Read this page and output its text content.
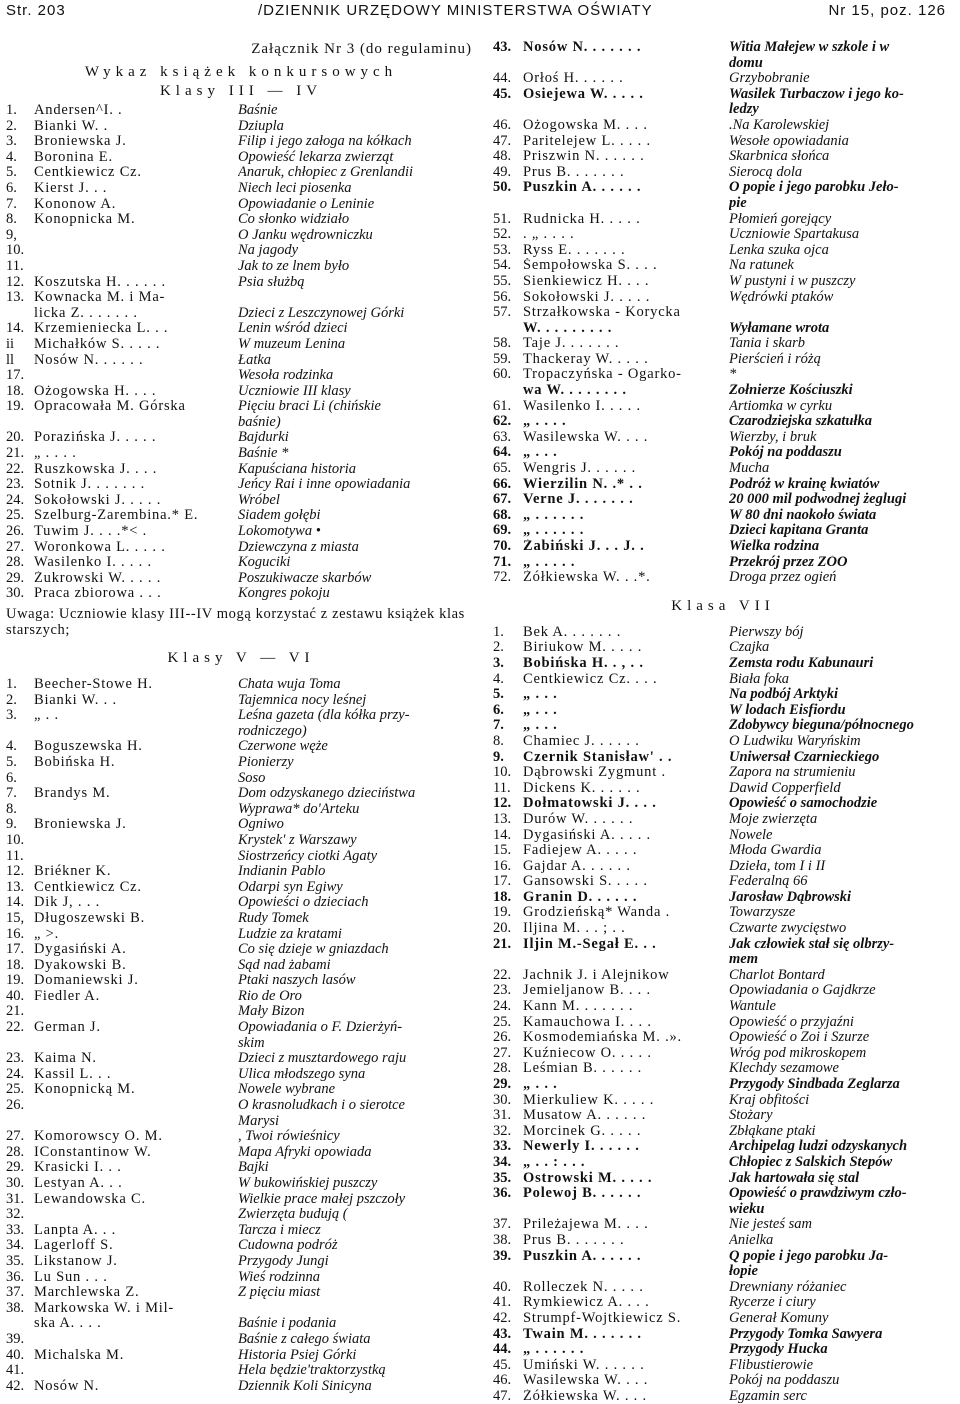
Str. 203	/DZIENNIK URZĘDOWY MINISTERSTWA OŚWIATY	Nr 15, poz. 126
Załącznik Nr 3 (do regulaminu)
Wykaz książek konkursowych
Klasy III — IV
1.	Andersen^I. .	Baśnie
2.	Bianki W. .	Dziupla
3.	Broniewska J.	Filip i jego załoga na kółkach
4.	Boronina E.	Opowieść lekarza zwierząt
5.	Centkiewicz Cz.	Anaruk, chłopiec z Grenlandii
6.	Kierst J. . .	Niech leci piosenka
7.	Kononow A.	Opowiadanie o Leninie
8.	Konopnicka M.	Co słonko widziało
9,	O Janku wędrowniczku
10.	Na jagody
11.	Jak to ze lnem było
12. Koszutska H. . . . . .	Psia służbą
13. Kownacka M. i Ma-
licka Z. . . . . . .	Dzieci z Leszczynowej Górki
14. Krzemieniecka L. . .	Lenin wśród dzieci
ii	Michałków S. . . . .	W muzeum Lenina
ll	Nosów N. . . . . .	Łatka
17.	Wesoła rodzinka
18. Ożogowska H. . . .	Uczniowie III klasy
19. Opracowała M. Górska	Pięciu braci Li (chińskie
baśnie)
20. Porazińska J. . . . .	Bajdurki
21. „ . . . .	Baśnie *
22. Ruszkowska J. . . .	Kapuściana historia
23. Sotnik J. . . . . . .	Jeńcy Rai i inne opowiadania
24. Sokołowski J. . . . .	Wróbel
25. Szelburg-Zarembina.* E.	Siadem gołębi
26. Tuwim J. . . .*< .	Lokomotywa •
27. Woronkowa L. . . . .	Dziewczyna z miasta
28. Wasilenko I. . . . .	Koguciki
29. Żukrowski W. . . . .	Poszukiwacze skarbów
30. Praca zbiorowa . . .	Kongres pokoju
Uwaga: Uczniowie klasy III--IV mogą korzystać z zestawu książek klas starszych;
Klasy V — VI
1.	Beecher-Stowe H.	Chata wuja Toma
2.	Bianki W. . .	Tajemnica nocy leśnej
3.	„ . .	Leśna gazeta (dla kółka przy-
rodniczego)
4.	Boguszewska H.	Czerwone węże
5.	Bobińska H.	Pionierzy
6.	Soso
7.	Brandys M.	Dom odzyskanego dzieciństwa
8.	Wyprawa* do'Arteku
9.	Broniewska J.	Ogniwo
10.	Krystek' z Warszawy
11.	Siostrzeńcy ciotki Agaty
12. Briékner K.	Indianin Pablo
13. Centkiewicz Cz.	Odarpi syn Egiwy
14. Dik J, . . .	Opowieści o dzieciach
15, Długoszewski B.	Rudy Tomek
16. „ >.	Ludzie za kratami
17. Dygasiński A.	Co się dzieje w gniazdach
18. Dyakowski B.	Sąd nad żabami
19. Domaniewski J.	Ptaki naszych lasów
40. Fiedler A.	Rio de Oro
21.	Mały Bizon
22. German J.	Opowiadania o F. Dzierżyń-
skim
23. Kaima N.	Dzieci z musztardowego raju
24. Kassil L. . .	Ulica młodszego syna
25. Konopnicką M.	Nowele wybrane
26.	O krasnoludkach i o sierotce
Marysi
27. Komorowscy O. M.	, Twoi rówieśnicy
28. IConstantinow W.	Mapa Afryki opowiada
29. Krasicki I. . .	Bajki
30. Lestyan A. . .	W bukowińskiej puszczy
31. Lewandowska C.	Wielkie prace małej pszczoły
32.	Zwierzęta budują (
33. Lanpta A. . .	Tarcza i miecz
34. Lagerloff S.	Cudowna podróż
35. Likstanow J.	Przygody Jungi
36. Lu Sun . . .	Wieś rodzinna
37. Marchlewska Z.	Z pięciu miast
38. Markowska W. i Mil-
ska A. . . .	Baśnie i podania
39.	Baśnie z całego świata
40. Michalska M.	Historia Psiej Górki
41.	Hela będzie'traktorzystką
42. Nosów N.	Dziennik Koli Sinicyna
43. Nosów N. . . . . . .	Witia Małejew w szkole i w
domu
44. Orłoś H. . . . . .	Grzybobranie
45. Osiejewa W. . . . .	Wasilek Turbaczow i jego ko-
ledzy
46. Ożogowska M. . . .	.Na Karolewskiej
47. Paritelejew L. . . . .	Wesołe opowiadania
48. Priszwin N. . . . . .	Skarbnica słońca
49. Prus B. . . . . . .	Sierocą dola
50. Puszkin A. . . . . .	O popie i jego parobku Jeło-
pie
51. Rudnicka H. . . . .	Płomień gorejący
52. . „ . . . .	Uczniowie Spartakusa
53. Ryss E. . . . . . .	Lenka szuka ojca
54. Šempołowska S. . . .	Na ratunek
55. Sienkiewicz H. . . .	W pustyni i w puszczy
56. Sokołowski J. . . . .	Wędrówki ptaków
57. Strzałkowska - Korycka
W. . . . . . . . .	Wyłamane wrota
58. Taje J. . . . . . .	Tania i skarb
59. Thackeray W. . . . .	Pierścień i różą
60. Tropaczyńska - Ogarko-	*
wa W. . . . . . . .	Żołnierze Kościuszki
61. Wasilenko I. . . . .	Artiomka w cyrku
62. „ . . . .	Czarodziejska szkatułka
63. Wasilewska W. . . .	Wierzby, i bruk
64. „ . . .	Pokój na poddaszu
65. Wengris J. . . . . .	Mucha
66. Wierzilin N. .* . .	Podróż w krainę kwiatów
67. Verne J. . . . . . .	20 000 mil podwodnej żeglugi
68. „ . . . . . .	W 80 dni naokoło świata
69. „ . . . . . .	Dzieci kapitana Granta
70. Żabiński J. . . J. .	Wielka rodzina
71. „ . . . . .	Przekrój przez ZÓO
72. Żółkiewska W. . .*.	Droga przez ogień
Klasa VII
1.	Bek A. . . . . . .	Pierwszy bój
2.	Biriukow M. . . . .	Czajka
3.	Bobińska H. . , . .	Zemsta rodu Kabunauri
4.	Centkiewicz Cz. . . .	Biała foka
5.	„ . . .	Na podbój Arktyki
6.	„ . . .	W lodach Eisfiordu
7.	„ . . .	Zdobywcy bieguna/północnego
8.	Chamiec J. . . . . .	O Ludwiku Waryńskim
9.	Czernik Stanisław' . .	Uniwersał Czarnieckiego
10. Dąbrowski Zygmunt .	Zapora na strumieniu
11. Dickens K. . . . . .	Dawid Copperfield
12. Dołmatowski J. . . .	Opowieść o samochodzie
13. Durów W. . . . . .	Moje zwierzęta
14. Dygasiński A. . . . .	Nowele
15. Fadiejew A. . . . .	Młoda Gwardia
16. Gajdar A. . . . . .	Dzieła, tom I i II
17. Gansowski S. . . . .	Federalną 66
18. Granin D. . . . . .	Jarosław Dąbrowski
19. Grodzieńską* Wanda .	Towarzysze
20. Iljina M. . . ; . .	Czwarte zwycięstwo
21. Iljin M.-Segał E. . .	Jak człowiek stał się olbrzy-
mem
22. Jachnik J. i Alejnikow	Charlot Bontard
23. Jemieljanow B. . . .	Opowiadania o Gajdkrze
24. Kann M. . . . . . .	Wantule
25. Kamauchowa I. . . .	Opowieść o przyjaźni
26. Kosmodemiańska M. .».	Opowieść o Zoi i Szurze
27. Kuźniecow O. . . . .	Wróg pod mikroskopem
28. Leśmian B. . . . . .	Klechdy sezamowe
29. „ . . .	Przygody Sindbada Żeglarza
30. Mierkuliew K. . . . .	Kraj obfitości
31. Musatow A. . . . . .	Stożary
32. Morcinek G. . . . .	Zbłąkane ptaki
33. Newerly I. . . . . .	Archipelag ludzi odzyskanych
34. „ . . : . . .	Chłopiec z Salskich Stepów
35. Ostrowski M. . . . .	Jak hartowała się stal
36. Polewoj B. . . . . .	Opowieść o prawdziwym czło-
wieku
37. Prileżajewa M. . . .	Nie jesteś sam
38. Prus B. . . . . . .	Anielka
39. Puszkin A. . . . . .	Q popie i jego parobku Ja-
łopie
40. Rolleczek N. . . . .	Drewniany różaniec
41. Rymkiewicz A. . . .	Rycerze i ciury
42. Strumpf-Wojtkiewicz S.	Generał Komuny
43. Twain M. . . . . . .	Przygody Tomka Sawyera
44. „ . . . . . .	Przygody Hucka
45. Umiński W. . . . . .	Flibustierowie
46. Wasilewska W. . . .	Pokój na poddaszu
47. Żółkiewska W. . . .	Egzamin serc
